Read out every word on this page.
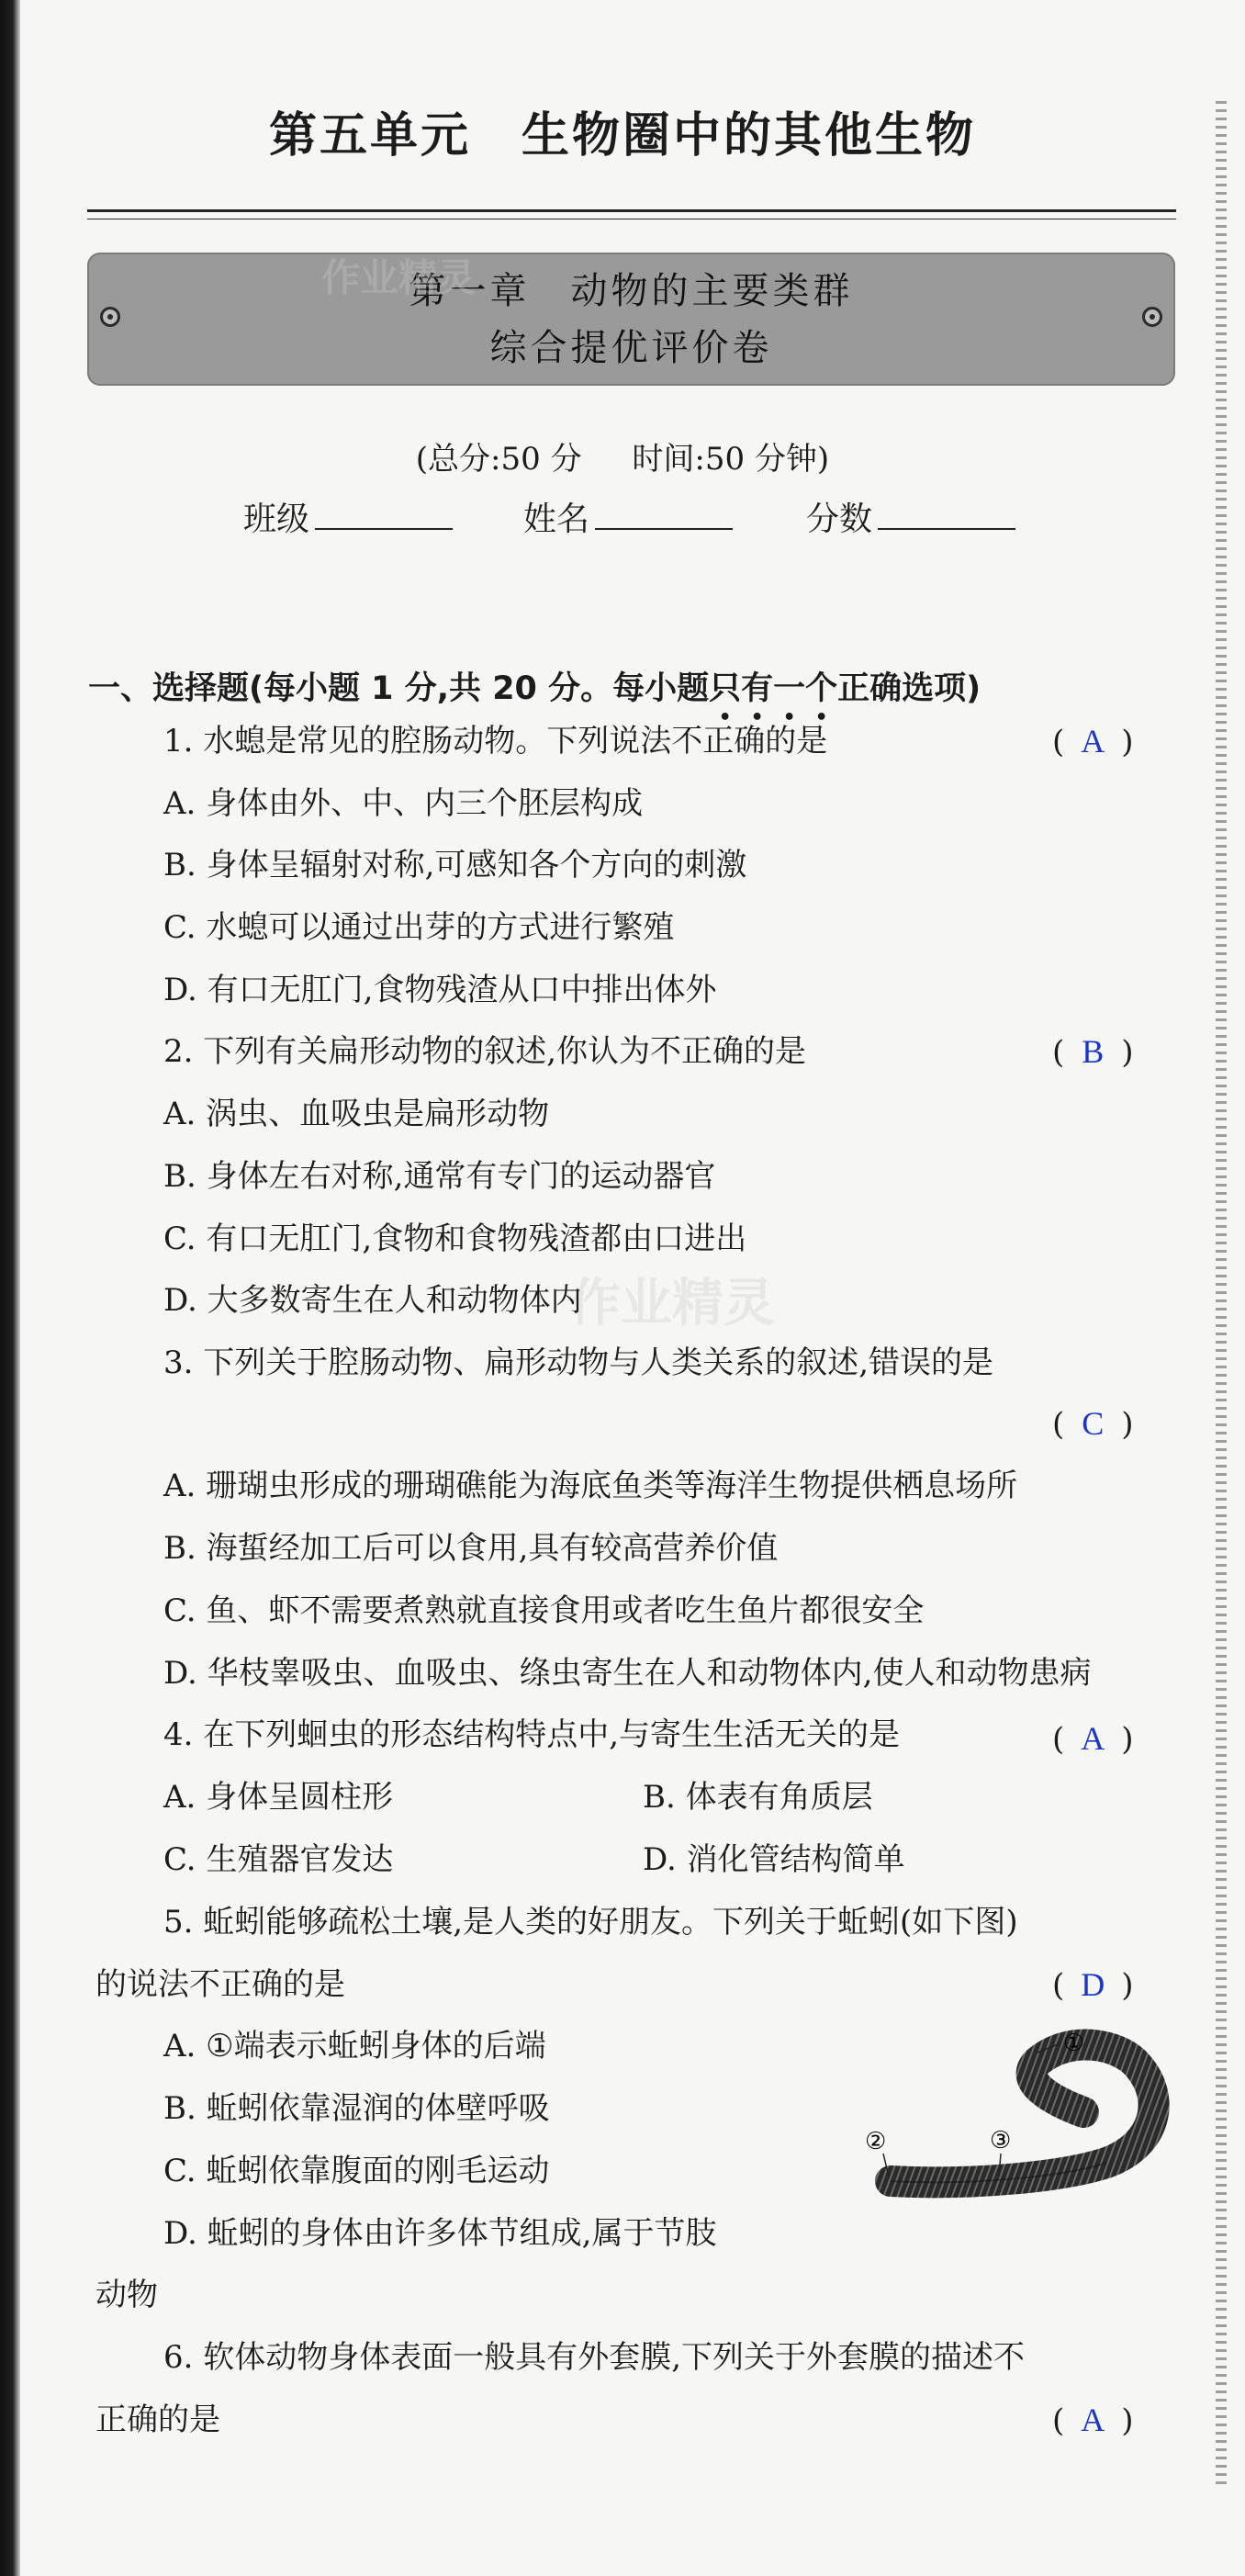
第五单元　生物圈中的其他生物
第一章　动物的主要类群
综合提优评价卷
作业精灵
作业精灵
(总分:50 分 时间:50 分钟)
班级	姓名	分数
一、选择题(每小题 1 分,共 20 分。每小题只有一个正确选项)
1. 水螅是常见的腔肠动物。下列说法不正确的是	( A )
A. 身体由外、中、内三个胚层构成
B. 身体呈辐射对称,可感知各个方向的刺激
C. 水螅可以通过出芽的方式进行繁殖
D. 有口无肛门,食物残渣从口中排出体外
2. 下列有关扁形动物的叙述,你认为不正确的是	( B )
A. 涡虫、血吸虫是扁形动物
B. 身体左右对称,通常有专门的运动器官
C. 有口无肛门,食物和食物残渣都由口进出
D. 大多数寄生在人和动物体内
3. 下列关于腔肠动物、扁形动物与人类关系的叙述,错误的是
( C )
A. 珊瑚虫形成的珊瑚礁能为海底鱼类等海洋生物提供栖息场所
B. 海蜇经加工后可以食用,具有较高营养价值
C. 鱼、虾不需要煮熟就直接食用或者吃生鱼片都很安全
D. 华枝睾吸虫、血吸虫、绦虫寄生在人和动物体内,使人和动物患病
4. 在下列蛔虫的形态结构特点中,与寄生生活无关的是	( A )
A. 身体呈圆柱形	B. 体表有角质层
C. 生殖器官发达	D. 消化管结构简单
5. 蚯蚓能够疏松土壤,是人类的好朋友。下列关于蚯蚓(如下图)
的说法不正确的是	( D )
A. ①端表示蚯蚓身体的后端
B. 蚯蚓依靠湿润的体壁呼吸
C. 蚯蚓依靠腹面的刚毛运动
D. 蚯蚓的身体由许多体节组成,属于节肢
动物
①
②	③
6. 软体动物身体表面一般具有外套膜,下列关于外套膜的描述不
正确的是	( A )
